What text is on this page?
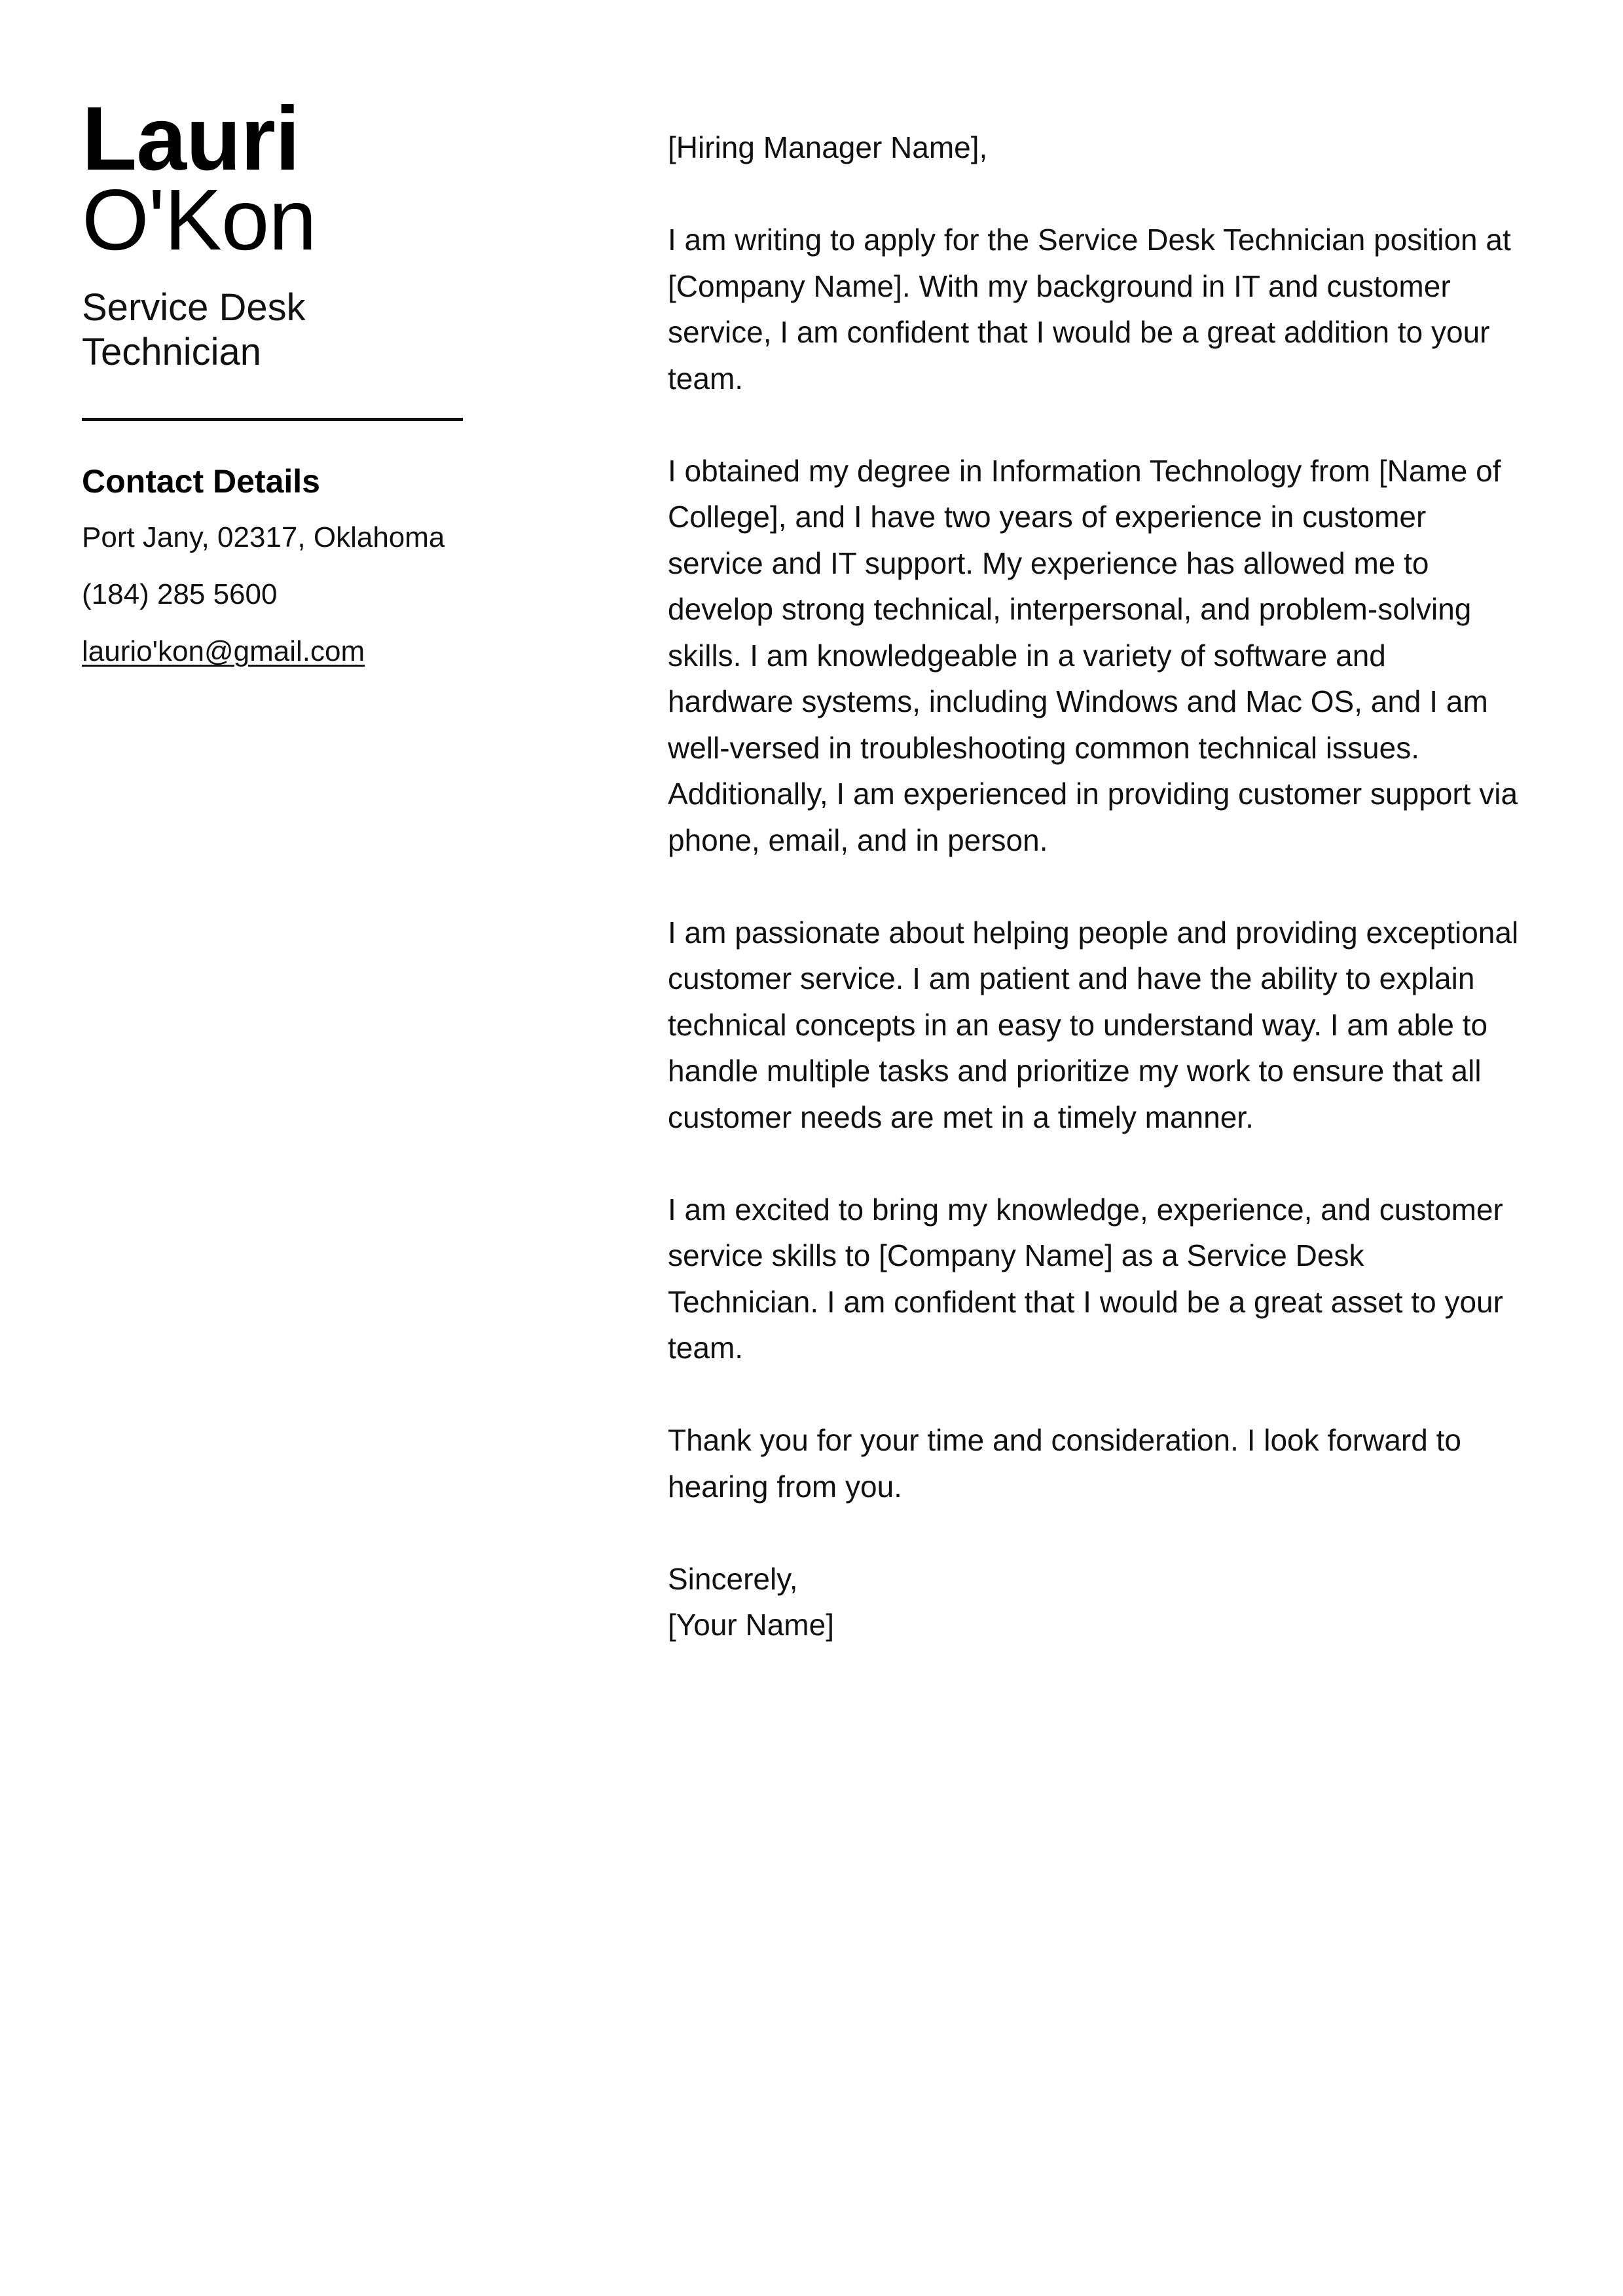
Lauri
O'Kon
Service Desk Technician
Contact Details
Port Jany, 02317, Oklahoma
(184) 285 5600
laurio'kon@gmail.com

[Hiring Manager Name],

I am writing to apply for the Service Desk Technician position at [Company Name]. With my background in IT and customer service, I am confident that I would be a great addition to your team.

I obtained my degree in Information Technology from [Name of College], and I have two years of experience in customer service and IT support. My experience has allowed me to develop strong technical, interpersonal, and problem-solving skills. I am knowledgeable in a variety of software and hardware systems, including Windows and Mac OS, and I am well-versed in troubleshooting common technical issues. Additionally, I am experienced in providing customer support via phone, email, and in person.

I am passionate about helping people and providing exceptional customer service. I am patient and have the ability to explain technical concepts in an easy to understand way. I am able to handle multiple tasks and prioritize my work to ensure that all customer needs are met in a timely manner.

I am excited to bring my knowledge, experience, and customer service skills to [Company Name] as a Service Desk Technician. I am confident that I would be a great asset to your team.

Thank you for your time and consideration. I look forward to hearing from you.

Sincerely,

[Your Name]
